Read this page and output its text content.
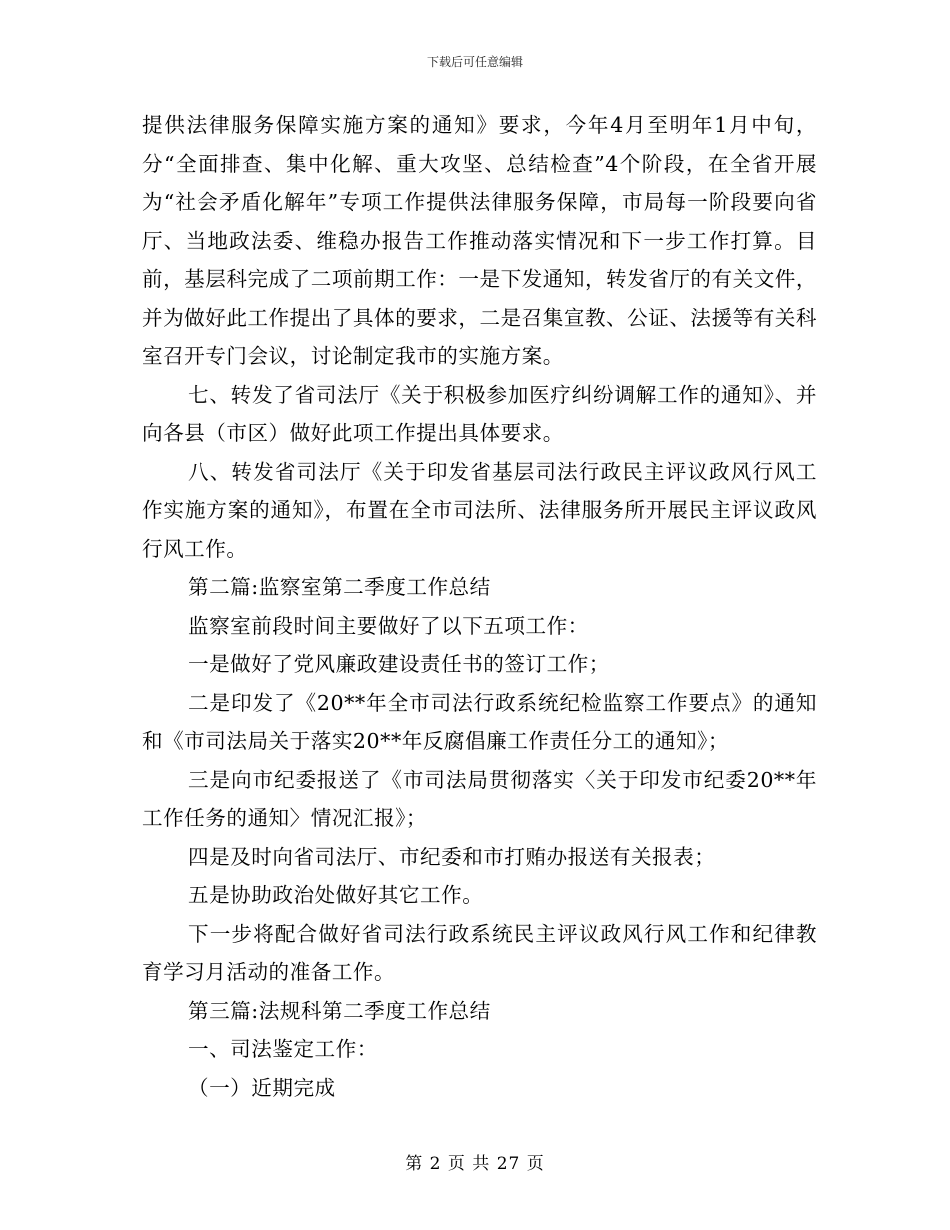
下载后可任意编辑

提供法律服务保障实施方案的通知》要求，今年4月至明年1月中旬，分“全面排查、集中化解、重大攻坚、总结检查”4个阶段，在全省开展为“社会矛盾化解年”专项工作提供法律服务保障，市局每一阶段要向省厅、当地政法委、维稳办报告工作推动落实情况和下一步工作打算。目前，基层科完成了二项前期工作：一是下发通知，转发省厅的有关文件，并为做好此工作提出了具体的要求，二是召集宣教、公证、法援等有关科室召开专门会议，讨论制定我市的实施方案。

七、转发了省司法厅《关于积极参加医疗纠纷调解工作的通知》、并向各县（市区）做好此项工作提出具体要求。

八、转发省司法厅《关于印发省基层司法行政民主评议政风行风工作实施方案的通知》，布置在全市司法所、法律服务所开展民主评议政风行风工作。

第二篇:监察室第二季度工作总结

监察室前段时间主要做好了以下五项工作：

一是做好了党风廉政建设责任书的签订工作；

二是印发了《20**年全市司法行政系统纪检监察工作要点》的通知和《市司法局关于落实20**年反腐倡廉工作责任分工的通知》；

三是向市纪委报送了《市司法局贯彻落实〈关于印发市纪委20**年工作任务的通知〉情况汇报》；

四是及时向省司法厅、市纪委和市打贿办报送有关报表；

五是协助政治处做好其它工作。

下一步将配合做好省司法行政系统民主评议政风行风工作和纪律教育学习月活动的准备工作。

第三篇:法规科第二季度工作总结

一、司法鉴定工作：

（一）近期完成

第 2 页 共 27 页
